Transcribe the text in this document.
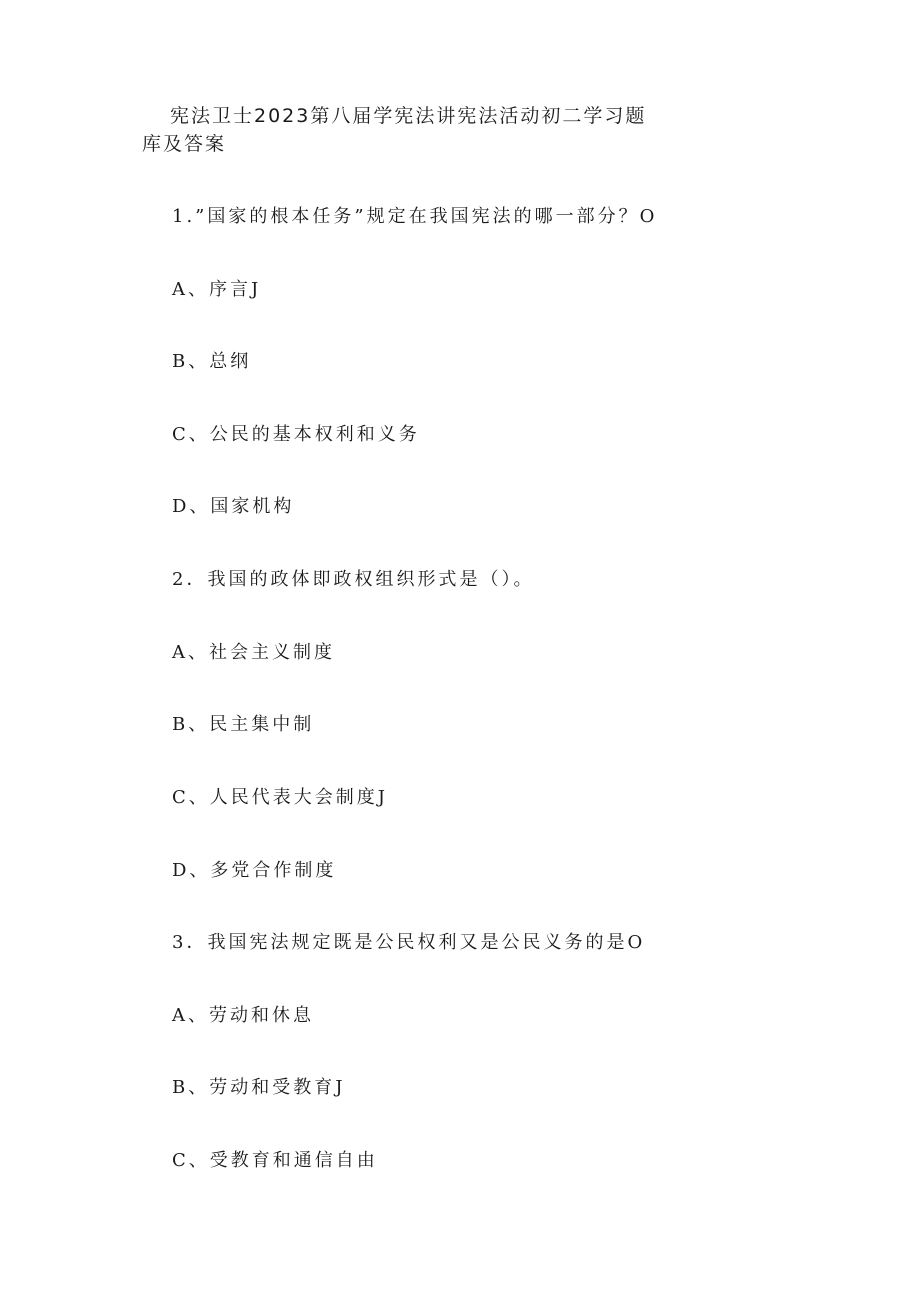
宪法卫士2023第八届学宪法讲宪法活动初二学习题库及答案

1.”国家的根本任务”规定在我国宪法的哪一部分？O

A、序言J

B、总纲

C、公民的基本权利和义务

D、国家机构

2．我国的政体即政权组织形式是（）。

A、社会主义制度

B、民主集中制

C、人民代表大会制度J

D、多党合作制度

3．我国宪法规定既是公民权利又是公民义务的是O

A、劳动和休息

B、劳动和受教育J

C、受教育和通信自由
